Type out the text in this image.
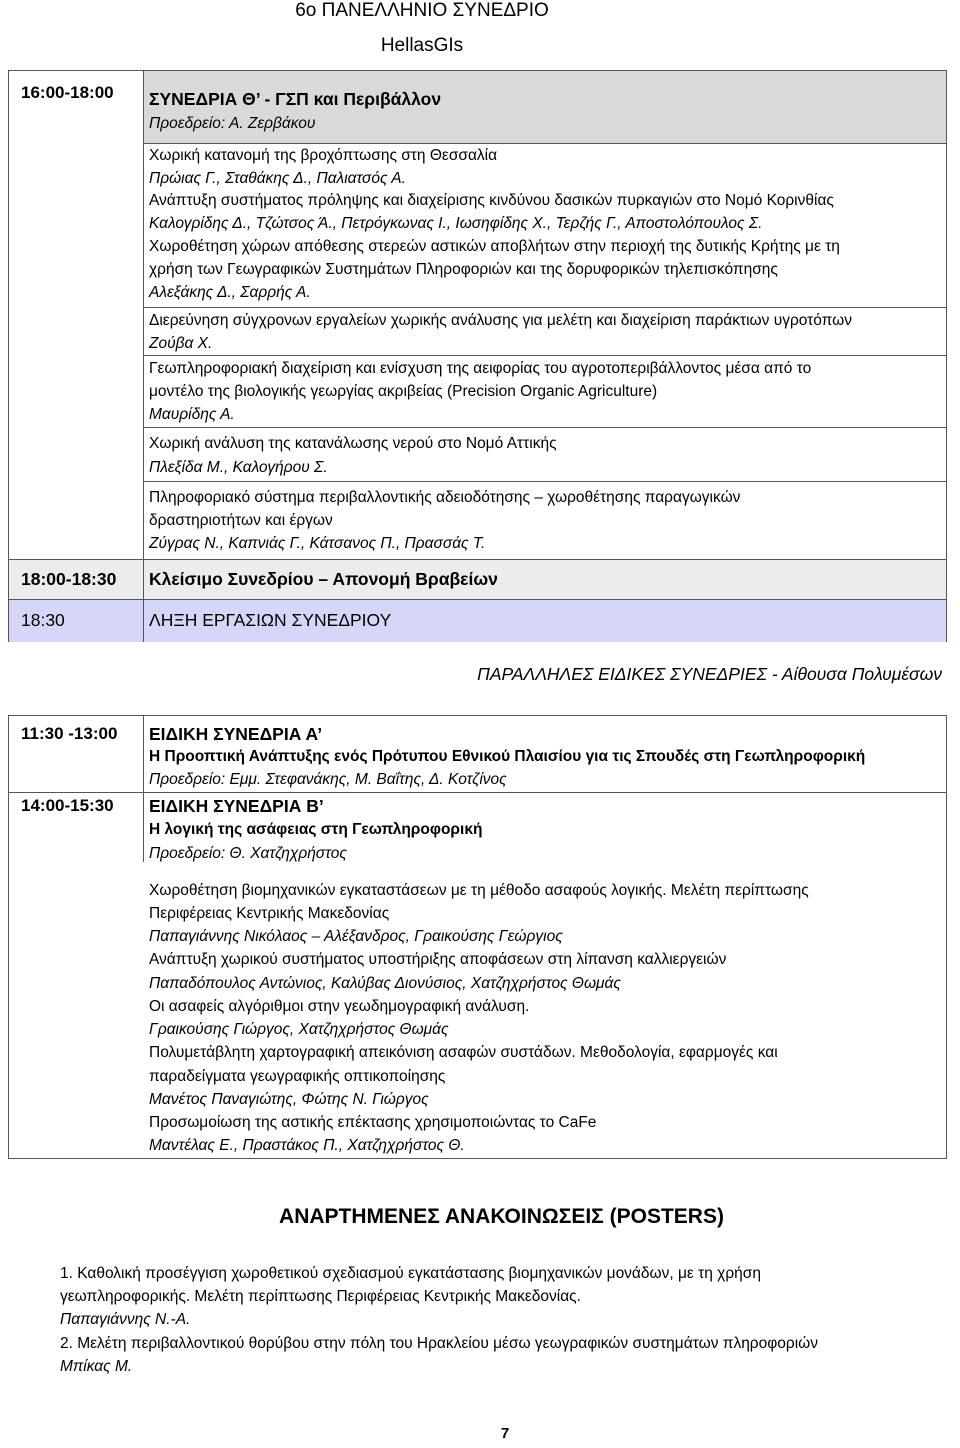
6ο ΠΑΝΕΛΛΗΝΙΟ ΣΥΝΕΔΡΙΟ
HellasGIs
16:00-18:00 ΣΥΝΕΔΡΙΑ Θ’ - ΓΣΠ και Περιβάλλον
Προεδρείο: Α. Ζερβάκου
Χωρική κατανομή της βροχόπτωσης στη Θεσσαλία
Πρώιας Γ., Σταθάκης Δ., Παλιατσός Α.
Ανάπτυξη συστήματος πρόληψης και διαχείρισης κινδύνου δασικών πυρκαγιών στο Νομό Κορινθίας
Καλογρίδης Δ., Τζώτσος Ά., Πετρόγκωνας Ι., Ιωσηφίδης Χ., Τερζής Γ., Αποστολόπουλος Σ.
Χωροθέτηση χώρων απόθεσης στερεών αστικών αποβλήτων στην περιοχή της δυτικής Κρήτης με τη
χρήση των Γεωγραφικών Συστημάτων Πληροφοριών και της δορυφορικών τηλεπισκόπησης
Αλεξάκης Δ., Σαρρής Α.
Διερεύνηση σύγχρονων εργαλείων χωρικής ανάλυσης για μελέτη και διαχείριση παράκτιων υγροτόπων
Ζούβα Χ.
Γεωπληροφοριακή διαχείριση και ενίσχυση της αειφορίας του αγροτοπεριβάλλοντος μέσα από το
μοντέλο της βιολογικής γεωργίας ακριβείας (Precision Organic Agriculture)
Μαυρίδης Α.
Χωρική ανάλυση της κατανάλωσης νερού στο Νομό Αττικής
Πλεξίδα Μ., Καλογήρου Σ.
Πληροφοριακό σύστημα περιβαλλοντικής αδειοδότησης – χωροθέτησης παραγωγικών
δραστηριοτήτων και έργων
Ζύγρας Ν., Καπνιάς Γ., Κάτσανος Π., Πρασσάς Τ.
18:00-18:30 Κλείσιμο Συνεδρίου – Απονομή Βραβείων
18:30	ΛΗΞΗ ΕΡΓΑΣΙΩΝ ΣΥΝΕΔΡΙΟΥ
ΠΑΡΑΛΛΗΛΕΣ ΕΙΔΙΚΕΣ ΣΥΝΕΔΡΙΕΣ - Αίθουσα Πολυμέσων
11:30 -13:00 ΕΙΔΙΚΗ ΣΥΝΕΔΡΙΑ Α’
Η Προοπτική Ανάπτυξης ενός Πρότυπου Εθνικού Πλαισίου για τις Σπουδές στη Γεωπληροφορική
Προεδρείο: Εμμ. Στεφανάκης, Μ. Βαΐτης, Δ. Κοτζίνος
14:00-15:30 ΕΙΔΙΚΗ ΣΥΝΕΔΡΙΑ Β’
Η λογική της ασάφειας στη Γεωπληροφορική
Προεδρείο: Θ. Χατζηχρήστος
Χωροθέτηση βιομηχανικών εγκαταστάσεων με τη μέθοδο ασαφούς λογικής. Μελέτη περίπτωσης
Περιφέρειας Κεντρικής Μακεδονίας
Παπαγιάννης Νικόλαος – Αλέξανδρος, Γραικούσης Γεώργιος
Ανάπτυξη χωρικού συστήματος υποστήριξης αποφάσεων στη λίπανση καλλιεργειών
Παπαδόπουλος Αντώνιος, Καλύβας Διονύσιος, Χατζηχρήστος Θωμάς
Οι ασαφείς αλγόριθμοι στην γεωδημογραφική ανάλυση.
Γραικούσης Γιώργος, Χατζηχρήστος Θωμάς
Πολυμετάβλητη χαρτογραφική απεικόνιση ασαφών συστάδων. Μεθοδολογία, εφαρμογές και
παραδείγματα γεωγραφικής οπτικοποίησης
Μανέτος Παναγιώτης, Φώτης Ν. Γιώργος
Προσωμοίωση της αστικής επέκτασης χρησιμοποιώντας το CaFe
Μαντέλας Ε., Πραστάκος Π., Χατζηχρήστος Θ.
ΑΝΑΡΤΗΜΕΝΕΣ ΑΝΑΚΟΙΝΩΣΕΙΣ (POSTERS)
1. Καθολική προσέγγιση χωροθετικού σχεδιασμού εγκατάστασης βιομηχανικών μονάδων, με τη χρήση
γεωπληροφορικής. Μελέτη περίπτωσης Περιφέρειας Κεντρικής Μακεδονίας.
Παπαγιάννης Ν.-Α.
2. Μελέτη περιβαλλοντικού θορύβου στην πόλη του Ηρακλείου μέσω γεωγραφικών συστημάτων πληροφοριών
Μπίκας Μ.
7
